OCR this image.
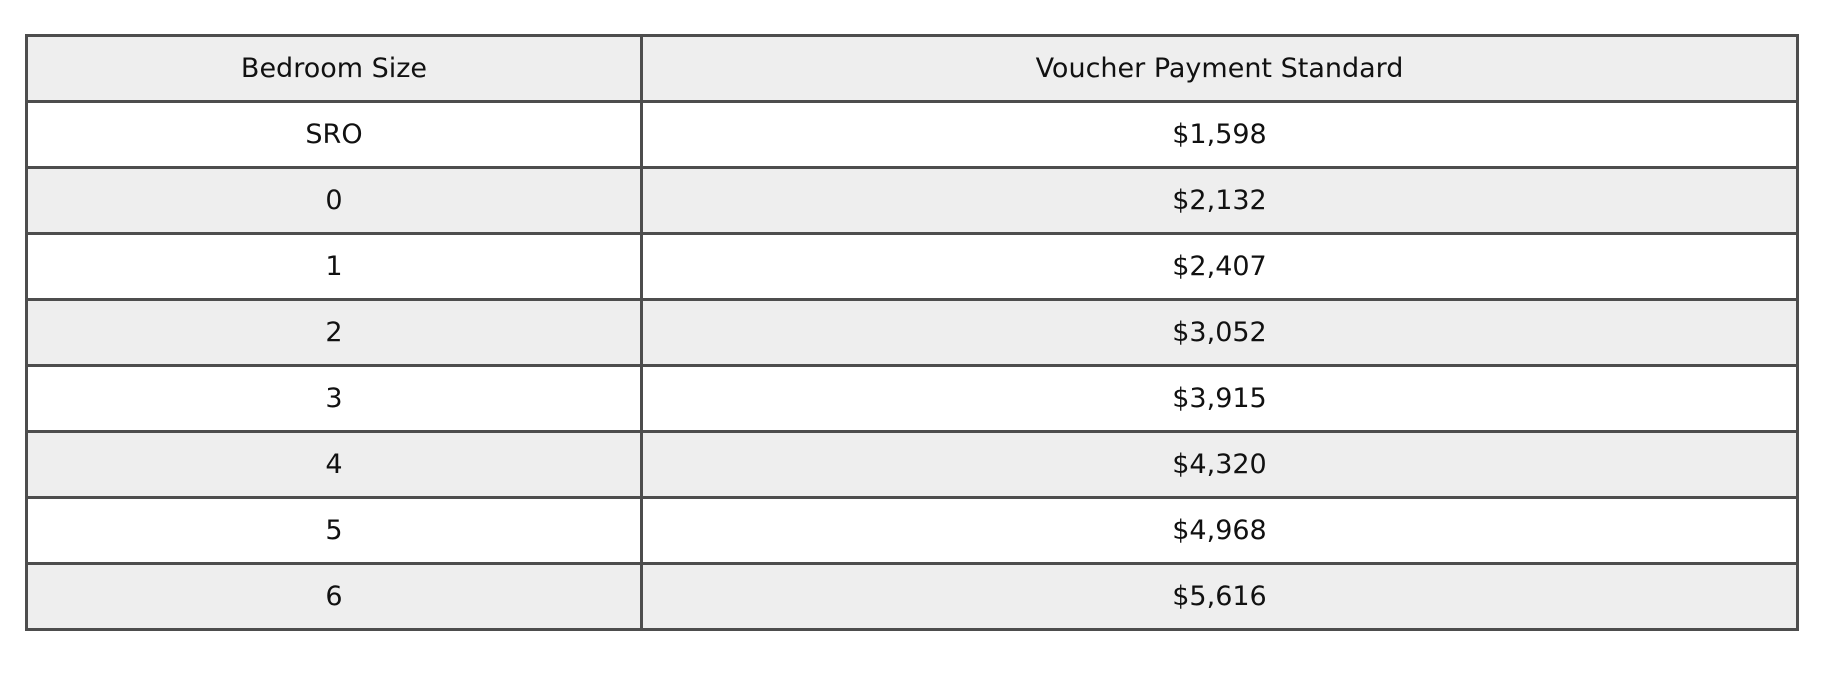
Bedroom Size	Voucher Payment Standard
SRO	$1,598
0	$2,132
1	$2,407
2	$3,052
3	$3,915
4	$4,320
5	$4,968
6	$5,616
